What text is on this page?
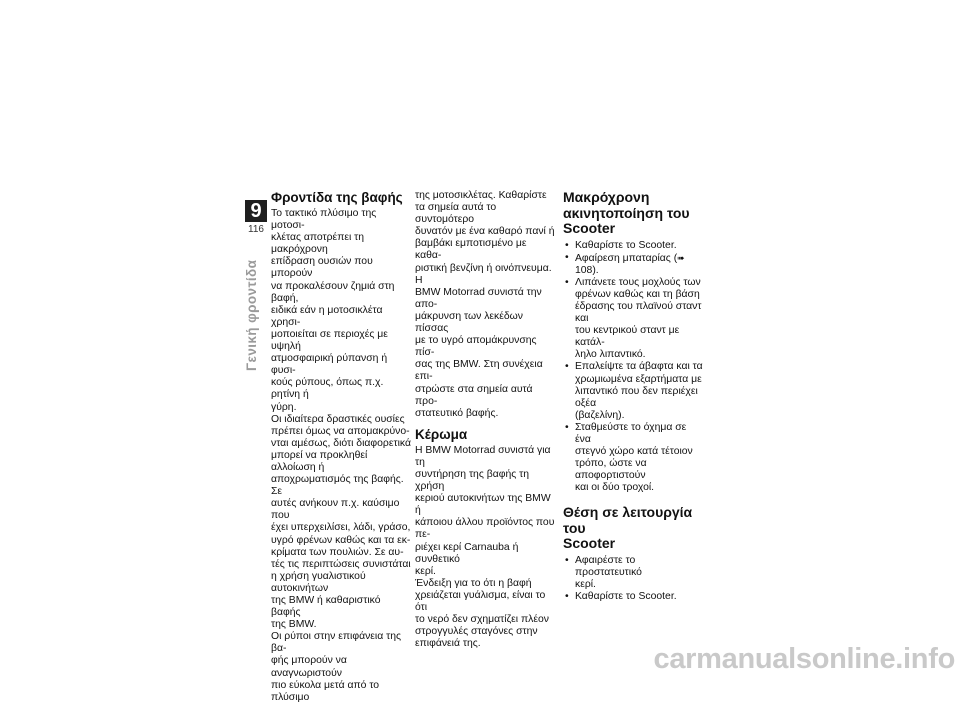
9
116
Γενική φροντίδα
Φροντίδα της βαφής

Το τακτικό πλύσιμο της μοτοσι-
κλέτας αποτρέπει τη μακρόχρονη
επίδραση ουσιών που μπορούν
να προκαλέσουν ζημιά στη βαφή,
ειδικά εάν η μοτοσικλέτα χρησι-
μοποιείται σε περιοχές με υψηλή
ατμοσφαιρική ρύπανση ή φυσι-
κούς ρύπους, όπως π.χ. ρητίνη ή
γύρη.

Οι ιδιαίτερα δραστικές ουσίες
πρέπει όμως να απομακρύνο-
νται αμέσως, διότι διαφορετικά
μπορεί να προκληθεί αλλοίωση ή
αποχρωματισμός της βαφής. Σε
αυτές ανήκουν π.χ. καύσιμο που
έχει υπερχειλίσει, λάδι, γράσο,
υγρό φρένων καθώς και τα εκ-
κρίματα των πουλιών. Σε αυ-
τές τις περιπτώσεις συνιστάται
η χρήση γυαλιστικού αυτοκινήτων
της BMW ή καθαριστικό βαφής
της BMW.

Οι ρύποι στην επιφάνεια της βα-
φής μπορούν να αναγνωριστούν
πιο εύκολα μετά από το πλύσιμο

της μοτοσικλέτας. Καθαρίστε
τα σημεία αυτά το συντομότερο
δυνατόν με ένα καθαρό πανί ή
βαμβάκι εμποτισμένο με καθα-
ριστική βενζίνη ή οινόπνευμα. Η
BMW Motorrad συνιστά την απο-
μάκρυνση των λεκέδων πίσσας
με το υγρό απομάκρυνσης πίσ-
σας της BMW. Στη συνέχεια επι-
στρώστε στα σημεία αυτά προ-
στατευτικό βαφής.

Κέρωμα

Η BMW Motorrad συνιστά για τη
συντήρηση της βαφής τη χρήση
κεριού αυτοκινήτων της BMW ή
κάποιου άλλου προϊόντος που πε-
ριέχει κερί Carnauba ή συνθετικό
κερί.

Ένδειξη για το ότι η βαφή
χρειάζεται γυάλισμα, είναι το ότι
το νερό δεν σχηματίζει πλέον
στρογγυλές σταγόνες στην
επιφάνειά της.

Μακρόχρονη
ακινητοποίηση του
Scooter
• Καθαρίστε το Scooter.
• Αφαίρεση μπαταρίας (➠ 108).
• Λιπάνετε τους μοχλούς των
φρένων καθώς και τη βάση
έδρασης του πλαϊνού σταντ και
του κεντρικού σταντ με κατάλ-
ληλο λιπαντικό.
• Επαλείψτε τα άβαφτα και τα
χρωμιωμένα εξαρτήματα με
λιπαντικό που δεν περιέχει οξέα
(βαζελίνη).
• Σταθμεύστε το όχημα σε ένα
στεγνό χώρο κατά τέτοιον
τρόπο, ώστε να αποφορτιστούν
και οι δύο τροχοί.
Θέση σε λειτουργία του
Scooter
• Αφαιρέστε το προστατευτικό
κερί.
• Καθαρίστε το Scooter.
carmanualsonline.info
